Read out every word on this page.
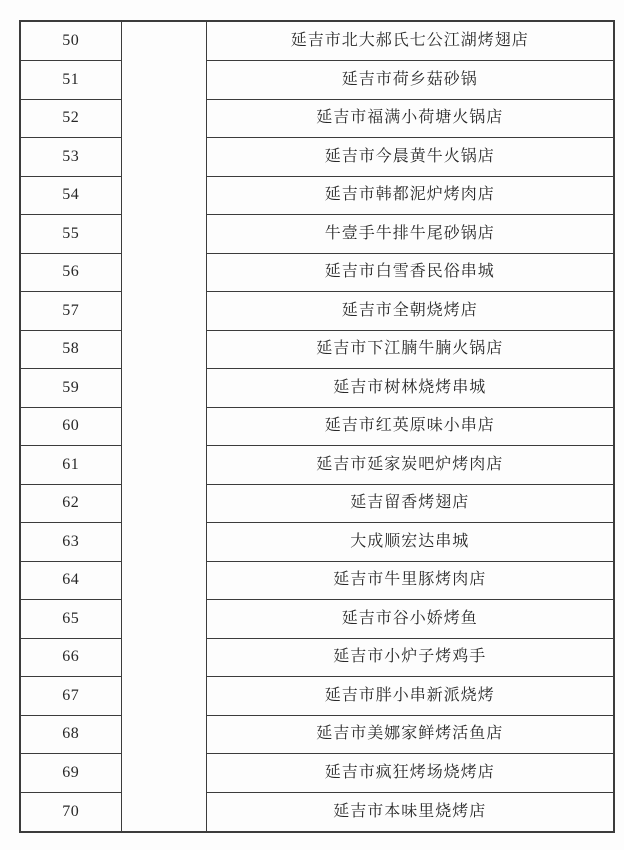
50		延吉市北大郝氏七公江湖烤翅店
51		延吉市荷乡菇砂锅
52		延吉市福满小荷塘火锅店
53		延吉市今晨黄牛火锅店
54		延吉市韩都泥炉烤肉店
55		牛壹手牛排牛尾砂锅店
56		延吉市白雪香民俗串城
57		延吉市全朝烧烤店
58		延吉市下江腩牛腩火锅店
59		延吉市树林烧烤串城
60		延吉市红英原味小串店
61		延吉市延家炭吧炉烤肉店
62		延吉留香烤翅店
63		大成顺宏达串城
64		延吉市牛里豚烤肉店
65		延吉市谷小娇烤鱼
66		延吉市小炉子烤鸡手
67		延吉市胖小串新派烧烤
68		延吉市美娜家鲜烤活鱼店
69		延吉市疯狂烤场烧烤店
70		延吉市本味里烧烤店
